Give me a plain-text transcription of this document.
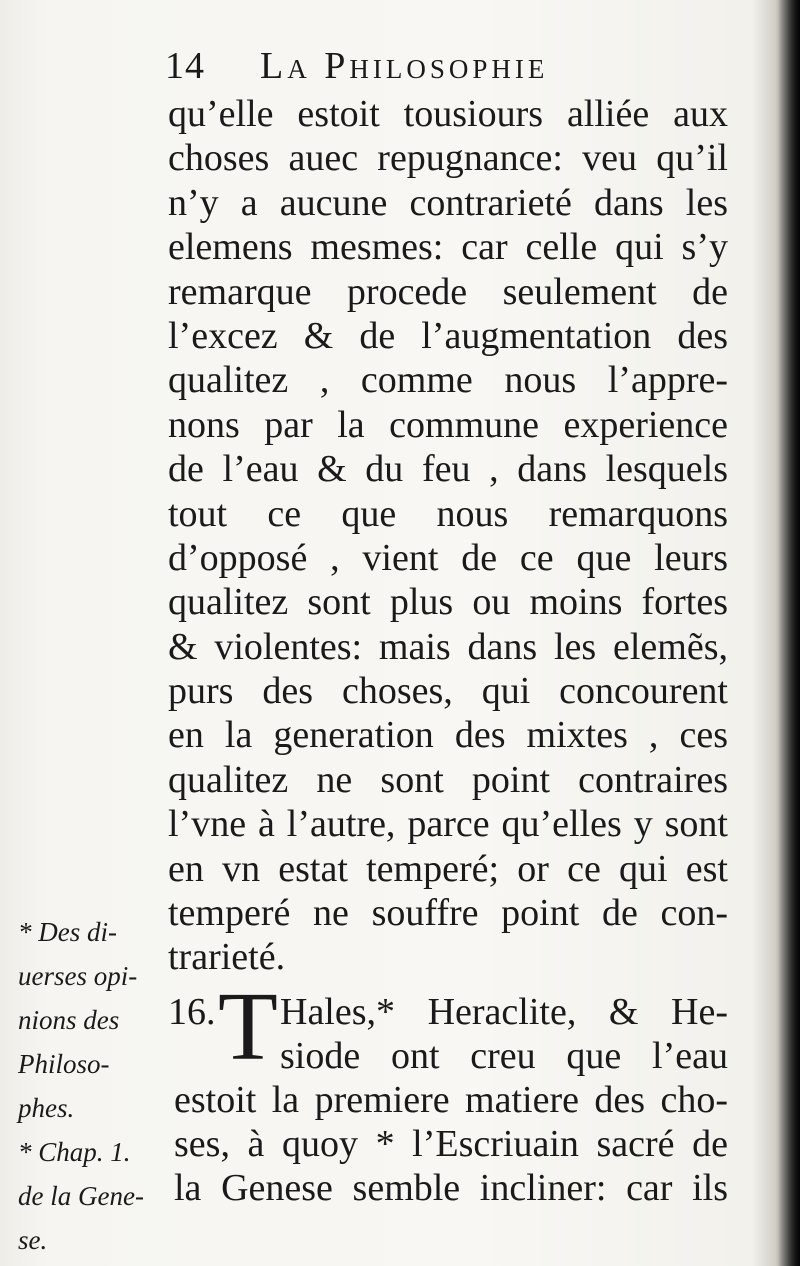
14 La Philosophie
qu’elle estoit tousiours alliée aux
choses auec repugnance: veu qu’il
n’y a aucune contrarieté dans les
elemens mesmes: car celle qui s’y
remarque procede seulement de
l’excez & de l’augmentation des
qualitez , comme nous l’appre-
nons par la commune experience
de l’eau & du feu , dans lesquels
tout ce que nous remarquons
d’opposé , vient de ce que leurs
qualitez sont plus ou moins fortes
& violentes: mais dans les elemẽs,
purs des choses, qui concourent
en la generation des mixtes , ces
qualitez ne sont point contraires
l’vne à l’autre, parce qu’elles y sont
en vn estat temperé; or ce qui est
temperé ne souffre point de con-
trarieté.
16. T Hales,* Heraclite, & He-
siode ont creu que l’eau
estoit la premiere matiere des cho-
ses, à quoy * l’Escriuain sacré de
la Genese semble incliner: car ils
* Des di-
uerses opi-
nions des
Philoso-
phes.
* Chap. 1.
de la Gene-
se.
